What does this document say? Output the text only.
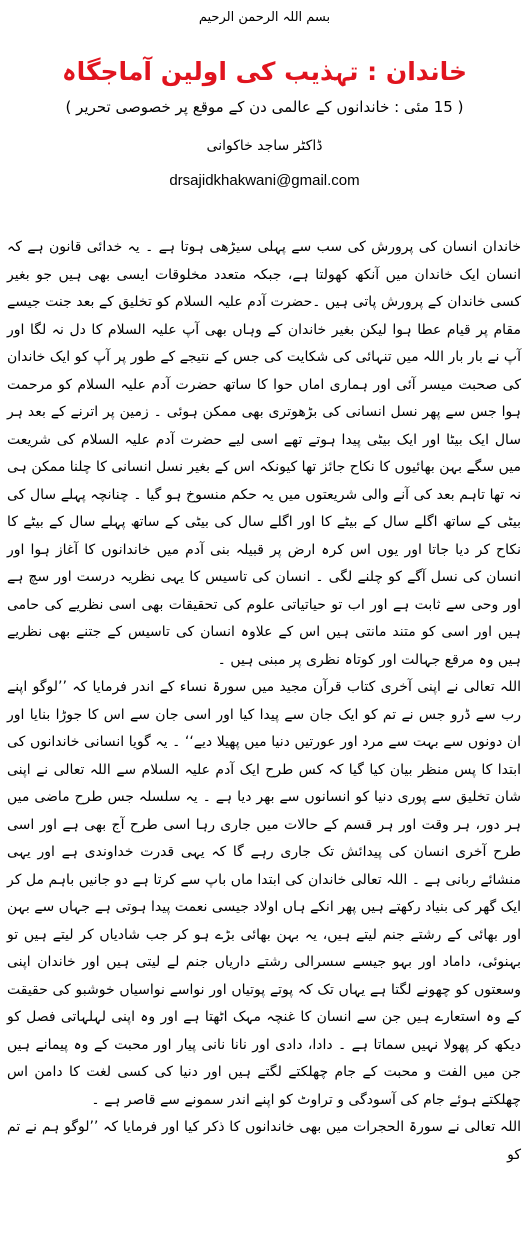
بسم اللہ الرحمن الرحیم
خاندان : تہذیب کی اولین آماجگاہ
( 15 مئی : خاندانوں کے عالمی دن کے موقع پر خصوصی تحریر )
ڈاکٹر ساجد خاکوانی
drsajidkhakwani@gmail.com

خاندان انسان کی پرورش کی سب سے پہلی سیڑھی ہوتا ہے ۔ یہ خدائی قانون ہے کہ انسان ایک خاندان میں آنکھ کھولتا ہے، جبکہ متعدد مخلوقات ایسی بھی ہیں جو بغیر کسی خاندان کے پرورش پاتی ہیں ۔حضرت آدم علیہ السلام کو تخلیق کے بعد جنت جیسے مقام پر قیام عطا ہوا لیکن بغیر خاندان کے وہاں بھی آپ علیہ السلام کا دل نہ لگا اور آپ نے بار بار اللہ میں تنہائی کی شکایت کی جس کے نتیجے کے طور پر آپ کو ایک خاندان کی صحبت میسر آئی اور ہماری اماں حوا کا ساتھ حضرت آدم علیہ السلام کو مرحمت ہوا جس سے پھر نسل انسانی کی بڑھوتری بھی ممکن ہوئی ۔ زمین پر اترنے کے بعد ہر سال ایک بیٹا اور ایک بیٹی پیدا ہوتے تھے اسی لیے حضرت آدم علیہ السلام کی شریعت میں سگے بہن بھائیوں کا نکاح جائز تھا کیونکہ اس کے بغیر نسل انسانی کا چلنا ممکن ہی نہ تھا تاہم بعد کی آنے والی شریعتوں میں یہ حکم منسوخ ہو گیا ۔ چنانچہ پہلے سال کی بیٹی کے ساتھ اگلے سال کے بیٹے کا اور اگلے سال کی بیٹی کے ساتھ پہلے سال کے بیٹے کا نکاح کر دیا جاتا اور یوں اس کرہ ارض پر قبیلہ بنی آدم میں خاندانوں کا آغاز ہوا اور انسان کی نسل آگے کو چلنے لگی ۔ انسان کی تاسیس کا یہی نظریہ درست اور سچ ہے اور وحی سے ثابت ہے اور اب تو حیاتیاتی علوم کی تحقیقات بھی اسی نظریے کی حامی ہیں اور اسی کو متند مانتی ہیں اس کے علاوہ انسان کی تاسیس کے جتنے بھی نظریے ہیں وہ مرقع جہالت اور کوتاہ نظری پر مبنی ہیں ۔

اللہ تعالی نے اپنی آخری کتاب قرآن مجید میں سورۃ نساء کے اندر فرمایا کہ ’’لوگو اپنے رب سے ڈرو جس نے تم کو ایک جان سے پیدا کیا اور اسی جان سے اس کا جوڑا بنایا اور ان دونوں سے بہت سے مرد اور عورتیں دنیا میں پھیلا دیے‘‘ ۔ یہ گویا انسانی خاندانوں کی ابتدا کا پس منظر بیان کیا گیا کہ کس طرح ایک آدم علیہ السلام سے اللہ تعالی نے اپنی شان تخلیق سے پوری دنیا کو انسانوں سے بھر دیا ہے ۔ یہ سلسلہ جس طرح ماضی میں ہر دور، ہر وقت اور ہر قسم کے حالات میں جاری رہا اسی طرح آج بھی ہے اور اسی طرح آخری انسان کی پیدائش تک جاری رہے گا کہ یہی قدرت خداوندی ہے اور یہی منشائے ربانی ہے ۔ اللہ تعالی خاندان کی ابتدا ماں باپ سے کرتا ہے دو جانیں باہم مل کر ایک گھر کی بنیاد رکھتے ہیں پھر انکے ہاں اولاد جیسی نعمت پیدا ہوتی ہے جہاں سے بہن اور بھائی کے رشتے جنم لیتے ہیں، یہ بہن بھائی بڑے ہو کر جب شادیاں کر لیتے ہیں تو بہنوئی، داماد اور بہو جیسے سسرالی رشتے داریاں جنم لے لیتی ہیں اور خاندان اپنی وسعتوں کو چھونے لگتا ہے یہاں تک کہ پوتے پوتیاں اور نواسے نواسیاں خوشبو کی حقیقت کے وہ استعارے ہیں جن سے انسان کا غنچہ مہک اٹھتا ہے اور وہ اپنی لہلہاتی فصل کو دیکھ کر پھولا نہیں سماتا ہے ۔ دادا، دادی اور نانا نانی پیار اور محبت کے وہ پیمانے ہیں جن میں الفت و محبت کے جام چھلکتے لگتے ہیں اور دنیا کی کسی لغت کا دامن اس چھلکتے ہوئے جام کی آسودگی و تراوٹ کو اپنے اندر سمونے سے قاصر ہے ۔

اللہ تعالی نے سورۃ الحجرات میں بھی خاندانوں کا ذکر کیا اور فرمایا کہ ’’لوگو ہم نے تم کو
